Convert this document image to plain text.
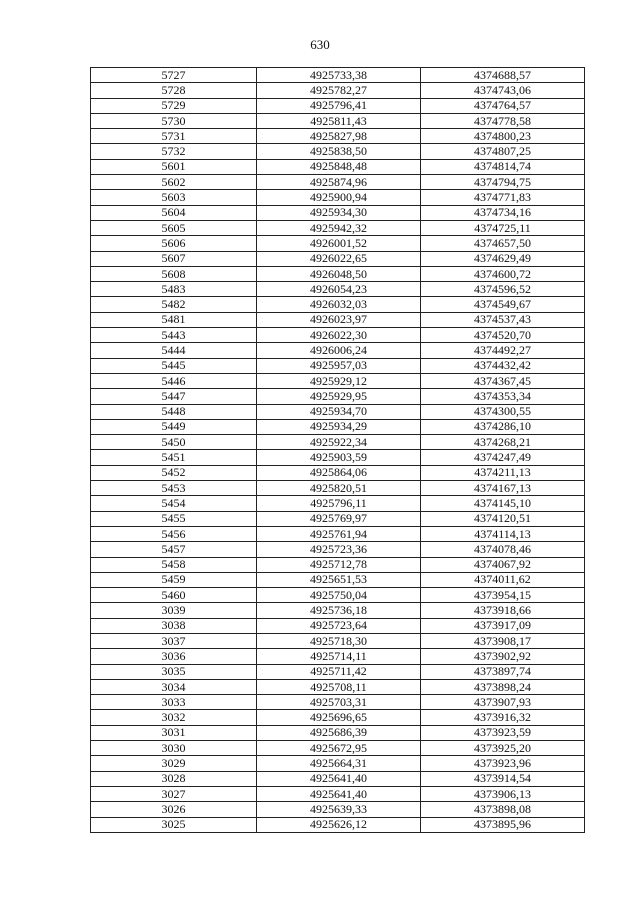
630
5727	4925733,38	4374688,57
5728	4925782,27	4374743,06
5729	4925796,41	4374764,57
5730	4925811,43	4374778,58
5731	4925827,98	4374800,23
5732	4925838,50	4374807,25
5601	4925848,48	4374814,74
5602	4925874,96	4374794,75
5603	4925900,94	4374771,83
5604	4925934,30	4374734,16
5605	4925942,32	4374725,11
5606	4926001,52	4374657,50
5607	4926022,65	4374629,49
5608	4926048,50	4374600,72
5483	4926054,23	4374596,52
5482	4926032,03	4374549,67
5481	4926023,97	4374537,43
5443	4926022,30	4374520,70
5444	4926006,24	4374492,27
5445	4925957,03	4374432,42
5446	4925929,12	4374367,45
5447	4925929,95	4374353,34
5448	4925934,70	4374300,55
5449	4925934,29	4374286,10
5450	4925922,34	4374268,21
5451	4925903,59	4374247,49
5452	4925864,06	4374211,13
5453	4925820,51	4374167,13
5454	4925796,11	4374145,10
5455	4925769,97	4374120,51
5456	4925761,94	4374114,13
5457	4925723,36	4374078,46
5458	4925712,78	4374067,92
5459	4925651,53	4374011,62
5460	4925750,04	4373954,15
3039	4925736,18	4373918,66
3038	4925723,64	4373917,09
3037	4925718,30	4373908,17
3036	4925714,11	4373902,92
3035	4925711,42	4373897,74
3034	4925708,11	4373898,24
3033	4925703,31	4373907,93
3032	4925696,65	4373916,32
3031	4925686,39	4373923,59
3030	4925672,95	4373925,20
3029	4925664,31	4373923,96
3028	4925641,40	4373914,54
3027	4925641,40	4373906,13
3026	4925639,33	4373898,08
3025	4925626,12	4373895,96
